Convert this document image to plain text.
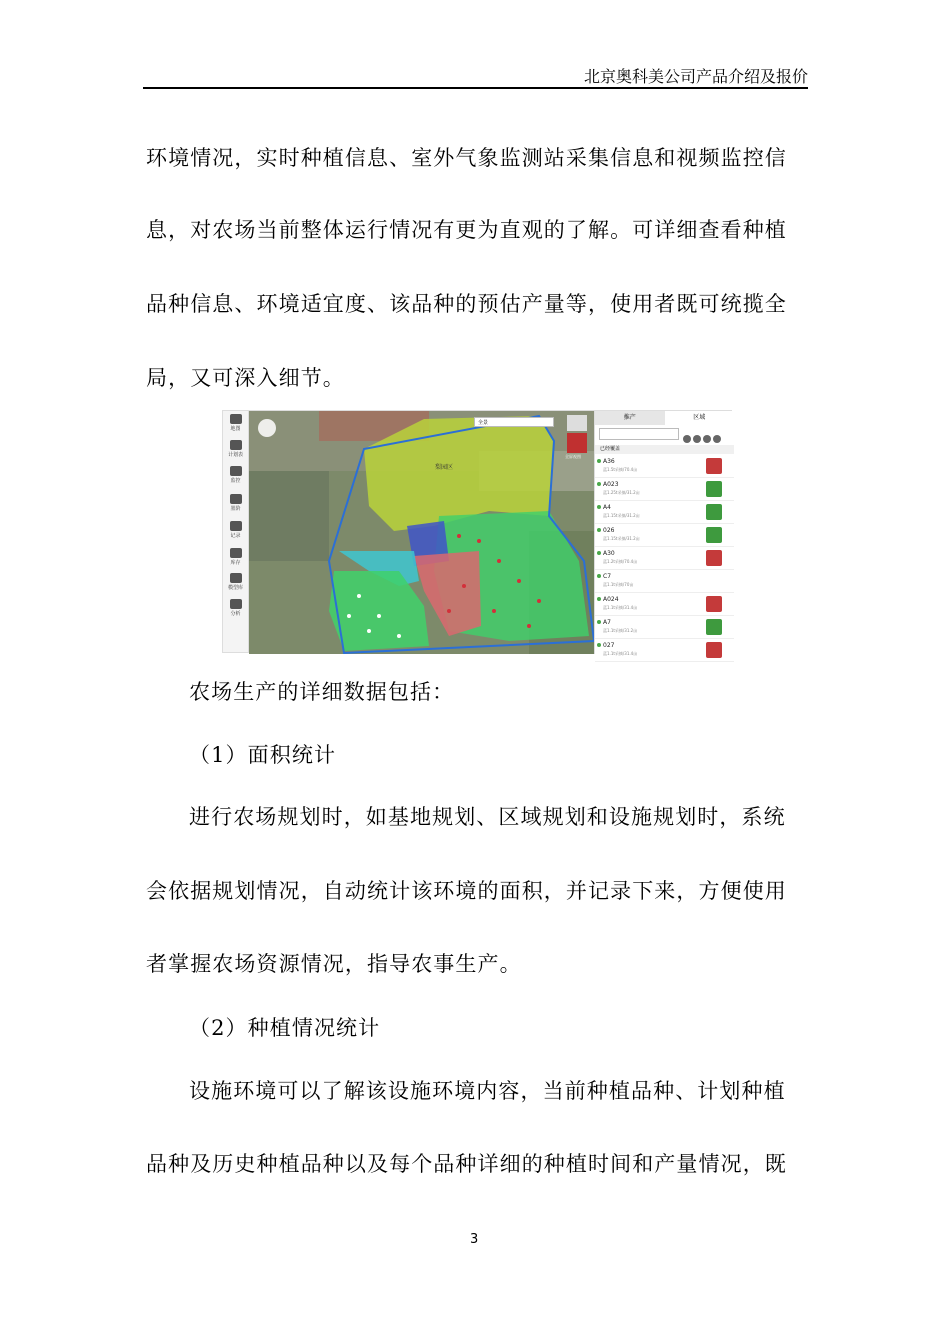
北京奥科美公司产品介绍及报价
环境情况，实时种植信息、室外气象监测站采集信息和视频监控信
息，对农场当前整体运行情况有更为直观的了解。可详细查看种植
品种信息、环境适宜度、该品种的预估产量等，使用者既可统揽全
局，又可深入细节。
地图
计划表
监控
墨阶
记录
库存
模型库
分析
梨园区
全景
全屏视图
推产	区域
已经覆盖
A36
蓝1.5t采摘/70.4亩
A023
蓝1.25t采摘/31.2亩
A4
蓝1.15t采摘/31.2亩
026
蓝1.15t采摘/31.2亩
A30
蓝1.2t采摘/70.4亩
C7
蓝1.1t采摘/70亩
A024
蓝1.1t采摘/31.4亩
A7
蓝1.1t采摘/31.2亩
027
蓝1.1t采摘/31.4亩
农场生产的详细数据包括：
（1）面积统计
进行农场规划时，如基地规划、区域规划和设施规划时，系统
会依据规划情况，自动统计该环境的面积，并记录下来，方便使用
者掌握农场资源情况，指导农事生产。
（2）种植情况统计
设施环境可以了解该设施环境内容，当前种植品种、计划种植
品种及历史种植品种以及每个品种详细的种植时间和产量情况，既
3
